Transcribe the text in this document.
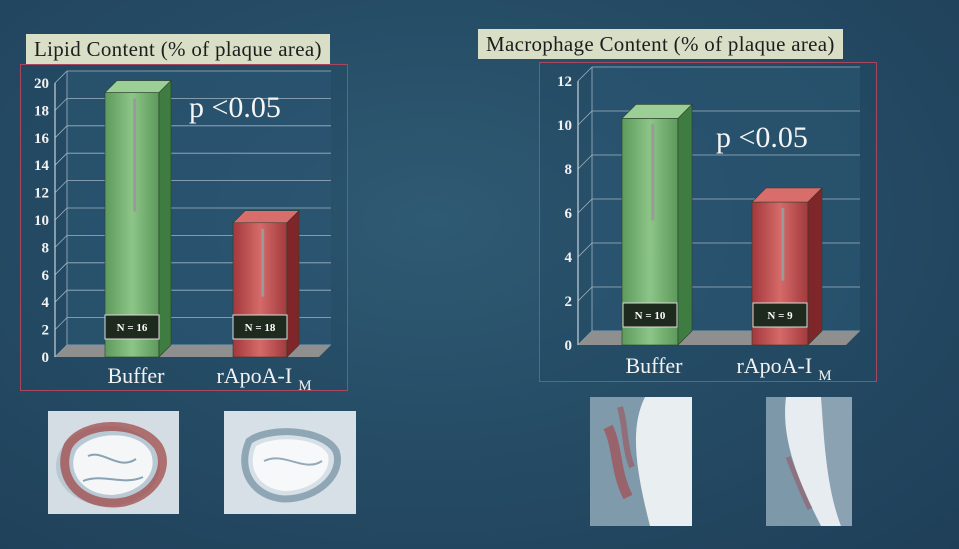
Lipid Content (% of plaque area)	Macrophage Content (% of plaque area)
0
2
4
6
8
10
12
14
16
18
20
N = 16
Buffer
N = 18
rApoA-I $_M$
p <0.05
0
2
4
6
8
10
12
N = 10
Buffer
N = 9
rApoA-I $_M$
p <0.05
